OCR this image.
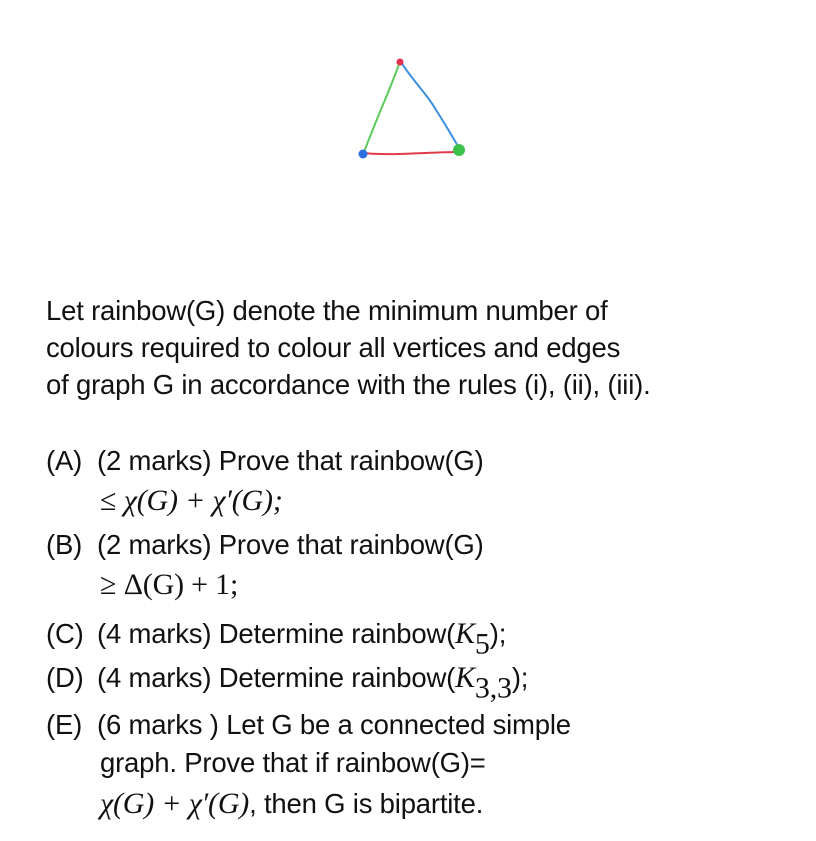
Let rainbow(G) denote the minimum number of
colours required to colour all vertices and edges
of graph G in accordance with the rules (i), (ii), (iii).
(A) (2 marks) Prove that rainbow(G)
≤ χ(G) + χ′(G);
(B) (2 marks) Prove that rainbow(G)
≥ Δ(G) + 1;
(C) (4 marks) Determine $rainbow(K_5)$;
(D) (4 marks) Determine $rainbow(K_{3,3})$;
(E) (6 marks ) Let G be a connected simple
graph. Prove that if rainbow(G)=
χ(G) + χ′(G), then G is bipartite.
